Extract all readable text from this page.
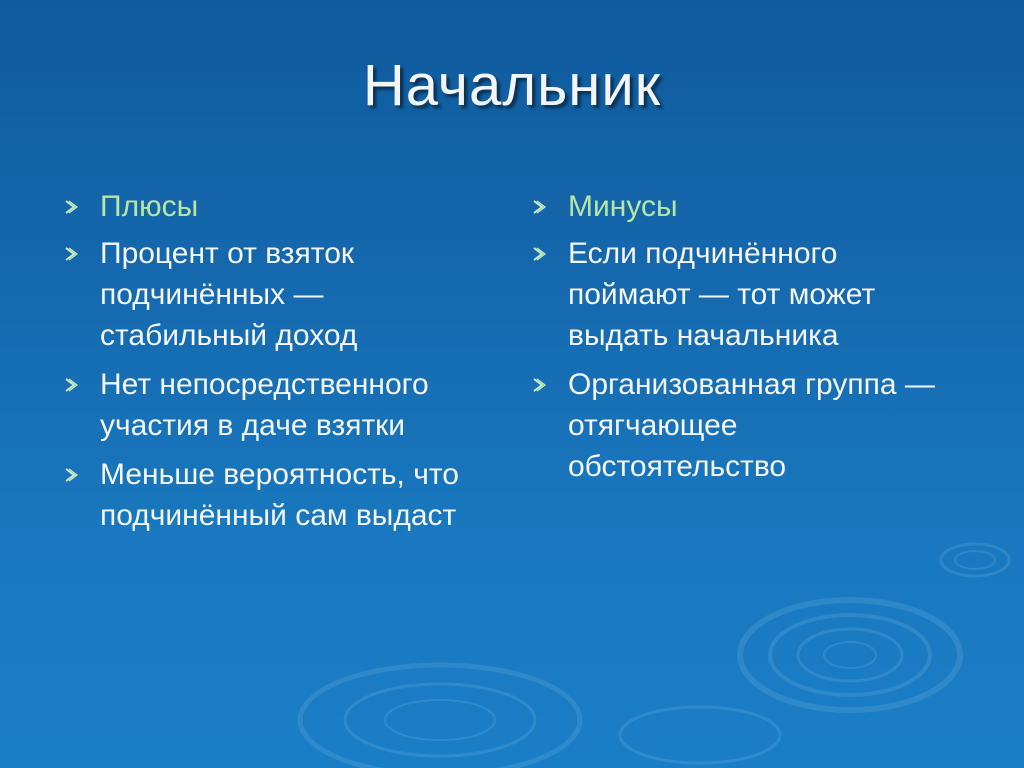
Начальник
Плюсы
Процент от взяток подчинённых — стабильный доход
Нет непосредственного участия в даче взятки
Меньше вероятность, что подчинённый сам выдаст
Минусы
Если подчинённого поймают — тот может выдать начальника
Организованная группа — отягчающее обстоятельство
